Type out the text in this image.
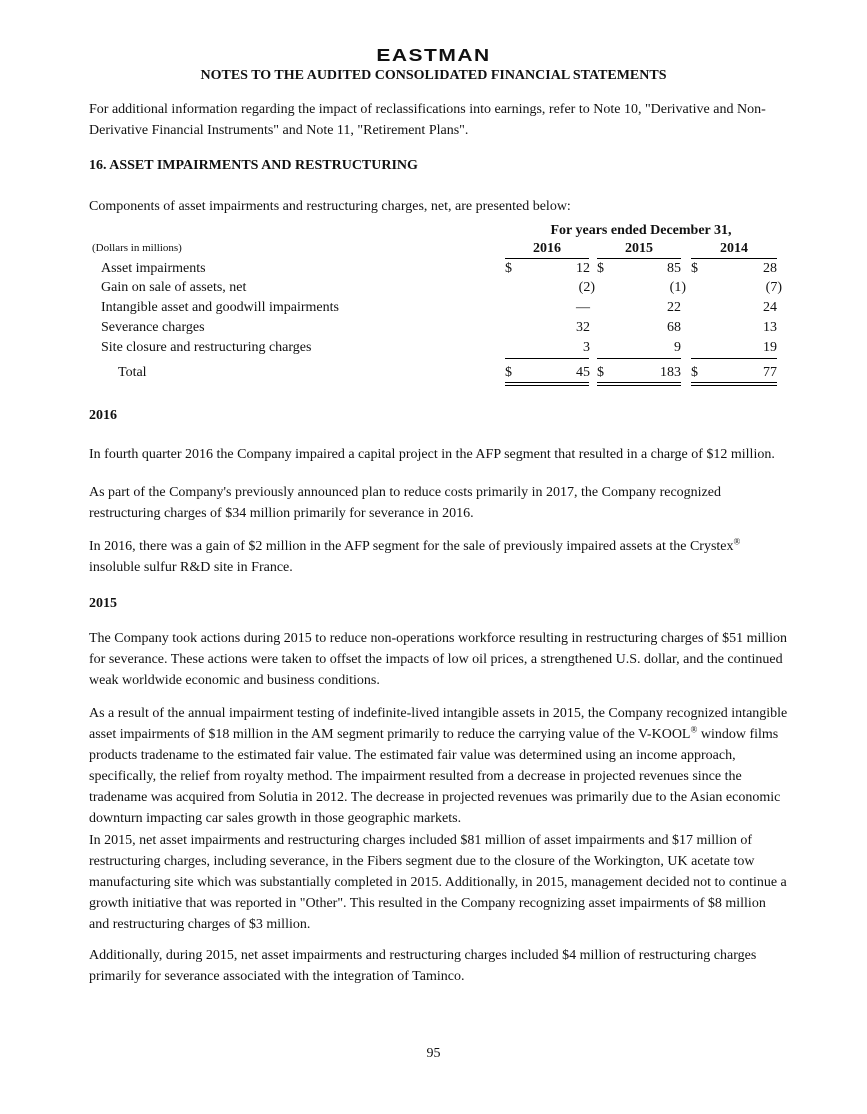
EASTMAN
NOTES TO THE AUDITED CONSOLIDATED FINANCIAL STATEMENTS
For additional information regarding the impact of reclassifications into earnings, refer to Note 10, "Derivative and Non-Derivative Financial Instruments" and Note 11, "Retirement Plans".
16. ASSET IMPAIRMENTS AND RESTRUCTURING
Components of asset impairments and restructuring charges, net, are presented below:
For years ended December 31,
(Dollars in millions)	2016	2015	2014
Asset impairments	$	12 $	85 $	28
Gain on sale of assets, net	(2)	(1)	(7)
Intangible asset and goodwill impairments	—	22	24
Severance charges	32	68	13
Site closure and restructuring charges	3	9	19
Total	$	45 $	183 $	77
2016
In fourth quarter 2016 the Company impaired a capital project in the AFP segment that resulted in a charge of $12 million.
As part of the Company's previously announced plan to reduce costs primarily in 2017, the Company recognized restructuring charges of $34 million primarily for severance in 2016.
In 2016, there was a gain of $2 million in the AFP segment for the sale of previously impaired assets at the Crystex® insoluble sulfur R&D site in France.
2015
The Company took actions during 2015 to reduce non-operations workforce resulting in restructuring charges of $51 million for severance. These actions were taken to offset the impacts of low oil prices, a strengthened U.S. dollar, and the continued weak worldwide economic and business conditions.
As a result of the annual impairment testing of indefinite-lived intangible assets in 2015, the Company recognized intangible asset impairments of $18 million in the AM segment primarily to reduce the carrying value of the V-KOOL® window films products tradename to the estimated fair value. The estimated fair value was determined using an income approach, specifically, the relief from royalty method. The impairment resulted from a decrease in projected revenues since the tradename was acquired from Solutia in 2012. The decrease in projected revenues was primarily due to the Asian economic downturn impacting car sales growth in those geographic markets.
In 2015, net asset impairments and restructuring charges included $81 million of asset impairments and $17 million of restructuring charges, including severance, in the Fibers segment due to the closure of the Workington, UK acetate tow manufacturing site which was substantially completed in 2015. Additionally, in 2015, management decided not to continue a growth initiative that was reported in "Other". This resulted in the Company recognizing asset impairments of $8 million and restructuring charges of $3 million.
Additionally, during 2015, net asset impairments and restructuring charges included $4 million of restructuring charges primarily for severance associated with the integration of Taminco.
95
